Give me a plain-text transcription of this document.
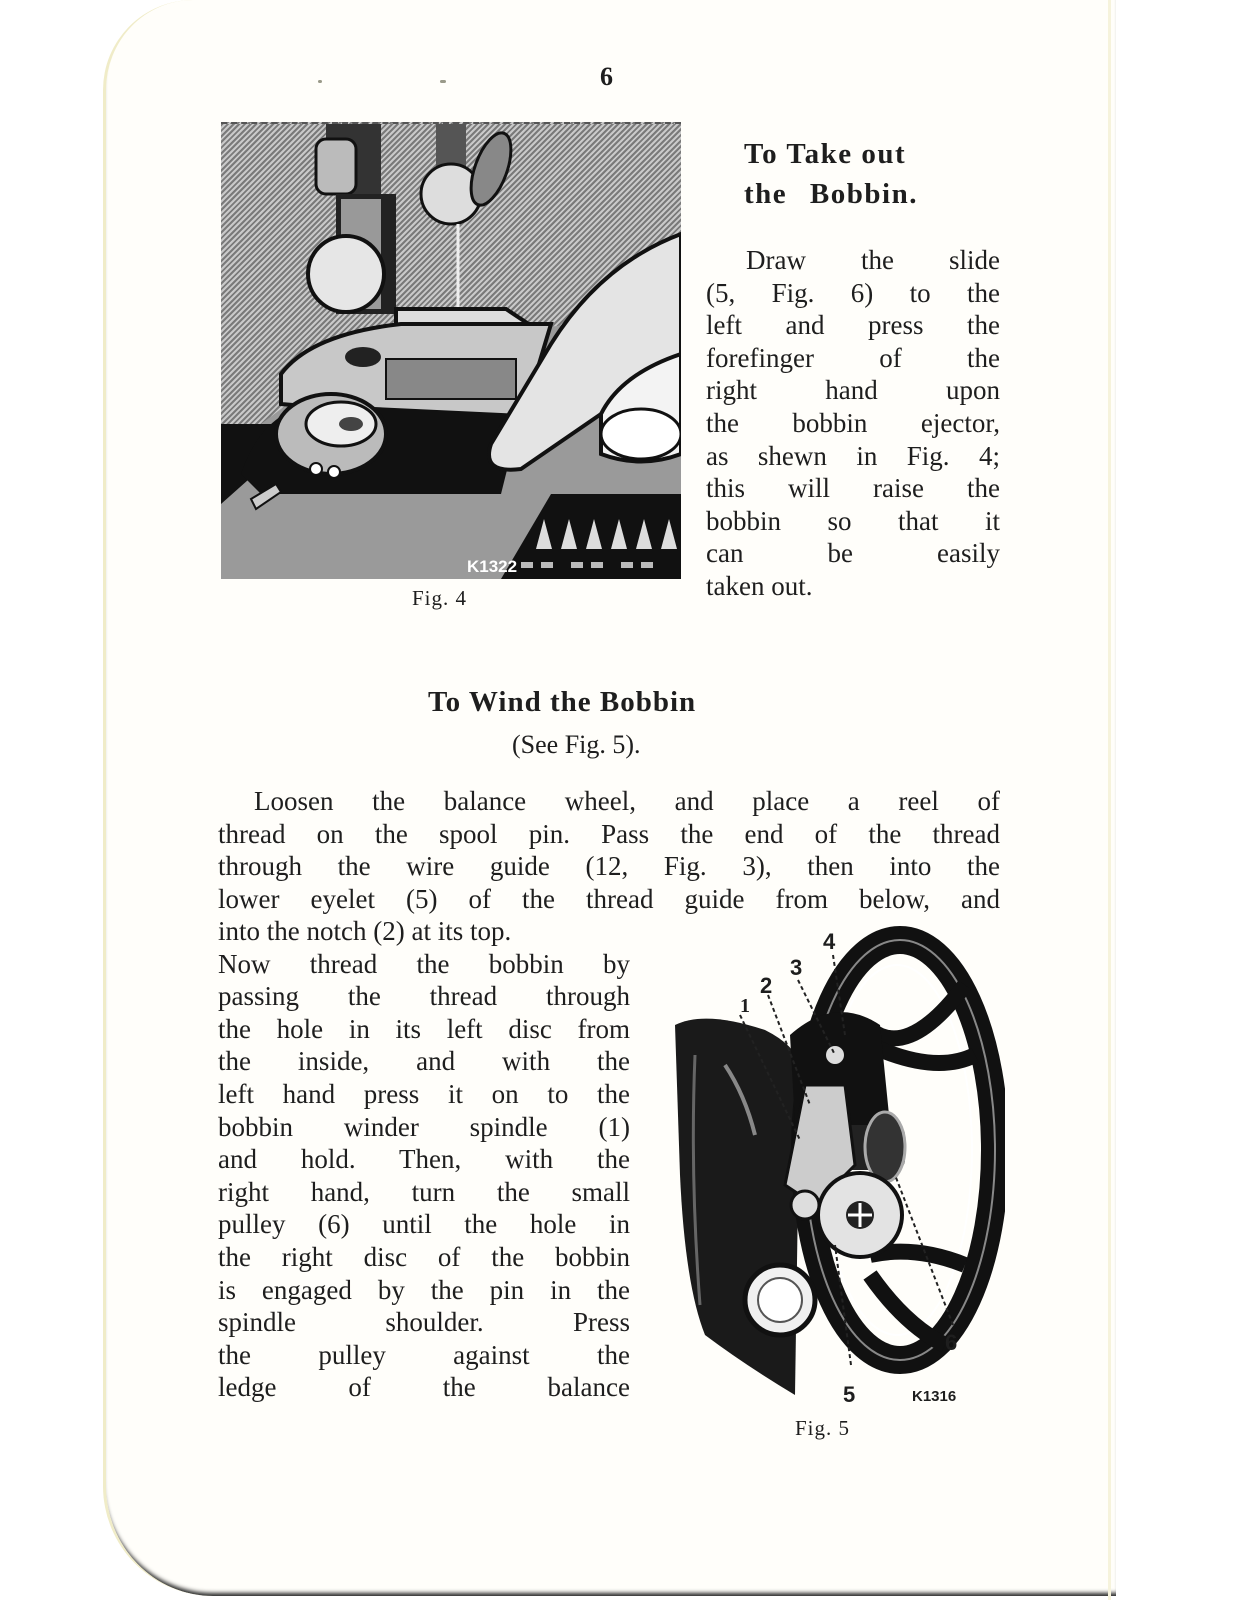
6
K1322
Fig. 4
To Take out
the Bobbin.
Draw the slide
(5, Fig. 6) to the
left and press the
forefinger of the
right hand upon
the bobbin ejector,
as shewn in Fig. 4;
this will raise the
bobbin so that it
can be easily
taken out.
To Wind the Bobbin
(See Fig. 5).
Loosen the balance wheel, and place a reel of
thread on the spool pin. Pass the end of the thread
through the wire guide (12, Fig. 3), then into the
lower eyelet (5) of the thread guide from below, and
into the notch (2) at its top.
Now thread the bobbin by
passing the thread through
the hole in its left disc from
the inside, and with the
left hand press it on to the
bobbin winder spindle (1)
and hold. Then, with the
right hand, turn the small
pulley (6) until the hole in
the right disc of the bobbin
is engaged by the pin in the
spindle shoulder. Press
the pulley against the
ledge of the balance
1
2
3
4
5
6
K1316
Fig. 5
